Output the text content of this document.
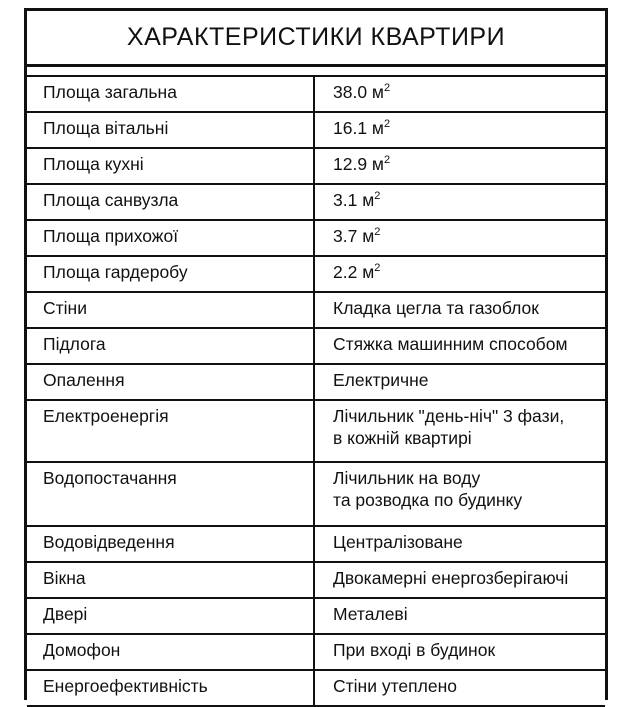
ХАРАКТЕРИСТИКИ КВАРТИРИ
Площа загальна	38.0 $м^2$
Площа вітальні	16.1 $м^2$
Площа кухні	12.9 $м^2$
Площа санвузла	3.1 $м^2$
Площа прихожої	3.7 $м^2$
Площа гардеробу	2.2 $м^2$
Стіни	Кладка цегла та газоблок
Підлога	Стяжка машинним способом
Опалення	Електричне
Електроенергія	Лічильник "день-ніч" 3 фази,
в кожній квартирі
Водопостачання	Лічильник на воду
та розводка по будинку
Водовідведення	Централізоване
Вікна	Двокамерні енергозберігаючі
Двері	Металеві
Домофон	При вході в будинок
Енергоефективність	Стіни утеплено
